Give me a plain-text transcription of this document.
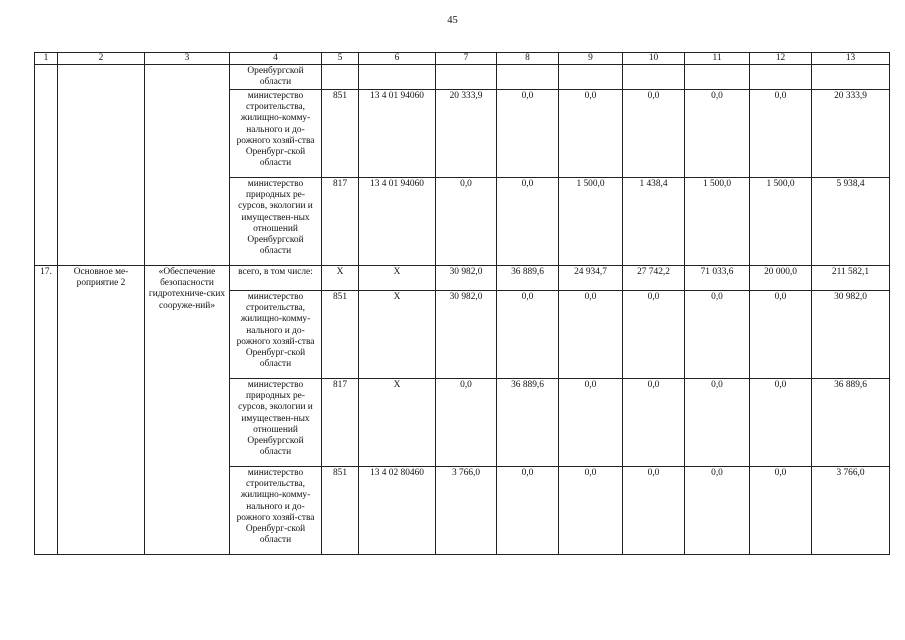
45
1	2	3	4	5	6	7	8	9	10	11	12	13
			Оренбургской области									
			министерство строительства, жилищно-комму-нального и до-рожного хозяй-ства Оренбург-ской области	851	13 4 01 94060	20 333,9	0,0	0,0	0,0	0,0	0,0	20 333,9
			министерство природных ре-сурсов, экологии и имуществен-ных отношений Оренбургской области	817	13 4 01 94060	0,0	0,0	1 500,0	1 438,4	1 500,0	1 500,0	5 938,4
17.	Основное ме-роприятие 2	«Обеспечение безопасности гидротехниче-ских сооруже-ний»	всего, в том числе:	X	X	30 982,0	36 889,6	24 934,7	27 742,2	71 033,6	20 000,0	211 582,1
			министерство строительства, жилищно-комму-нального и до-рожного хозяй-ства Оренбург-ской области	851	X	30 982,0	0,0	0,0	0,0	0,0	0,0	30 982,0
			министерство природных ре-сурсов, экологии и имуществен-ных отношений Оренбургской области	817	X	0,0	36 889,6	0,0	0,0	0,0	0,0	36 889,6
			министерство строительства, жилищно-комму-нального и до-рожного хозяй-ства Оренбург-ской области	851	13 4 02 80460	3 766,0	0,0	0,0	0,0	0,0	0,0	3 766,0
